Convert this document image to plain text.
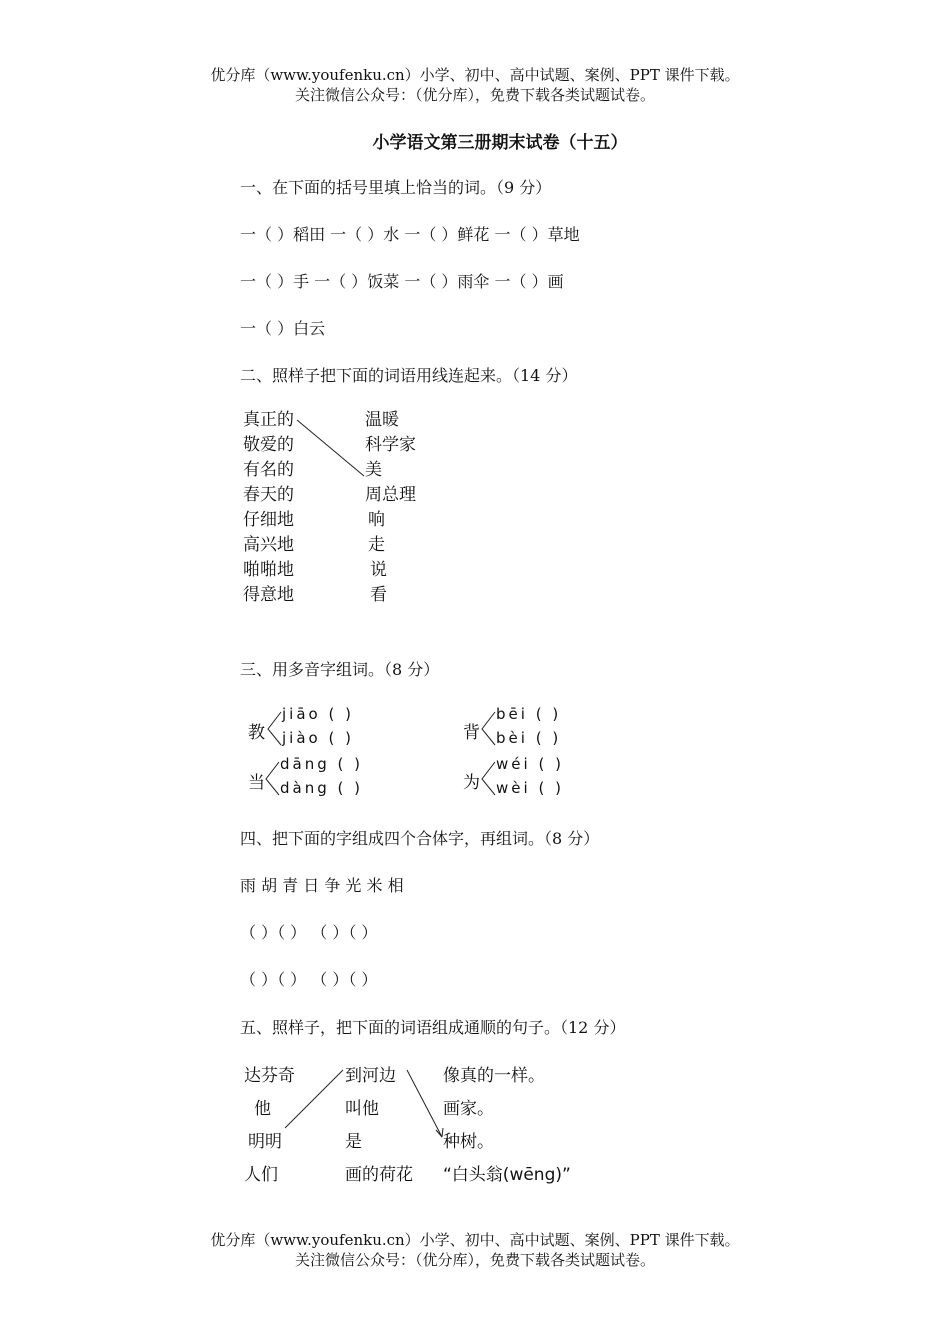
优分库（www.youfenku.cn）小学、初中、高中试题、案例、PPT 课件下载。
关注微信公众号：（优分库），免费下载各类试题试卷。
小学语文第三册期末试卷（十五）
一、在下面的括号里填上恰当的词。（9 分）
一（ ）稻田 一（ ）水 一（ ）鲜花 一（ ）草地
一（ ）手 一（ ）饭菜 一（ ）雨伞 一（ ）画
一（ ）白云
二、照样子把下面的词语用线连起来。（14 分）
真正的
敬爱的
有名的
春天的
仔细地
高兴地
啪啪地
得意地
温暖
科学家
美
周总理
响
走
说
看
三、用多音字组词。（8 分）
教
jiāo ( )
jiào ( )	背
bēi ( )
bèi ( )
当
dāng ( )
dàng ( )	为
wéi ( )
wèi ( )
四、把下面的字组成四个合体字，再组词。（8 分）
雨 胡 青 日 争 光 米 相
（ ）（ ） （ ）（ ）
（ ）（ ） （ ）（ ）
五、照样子，把下面的词语组成通顺的句子。（12 分）
达芬奇
他
明明
人们
到河边
叫他
是
画的荷花
像真的一样。
画家。
种树。
“白头翁(wēng)”
优分库（www.youfenku.cn）小学、初中、高中试题、案例、PPT 课件下载。
关注微信公众号：（优分库），免费下载各类试题试卷。
